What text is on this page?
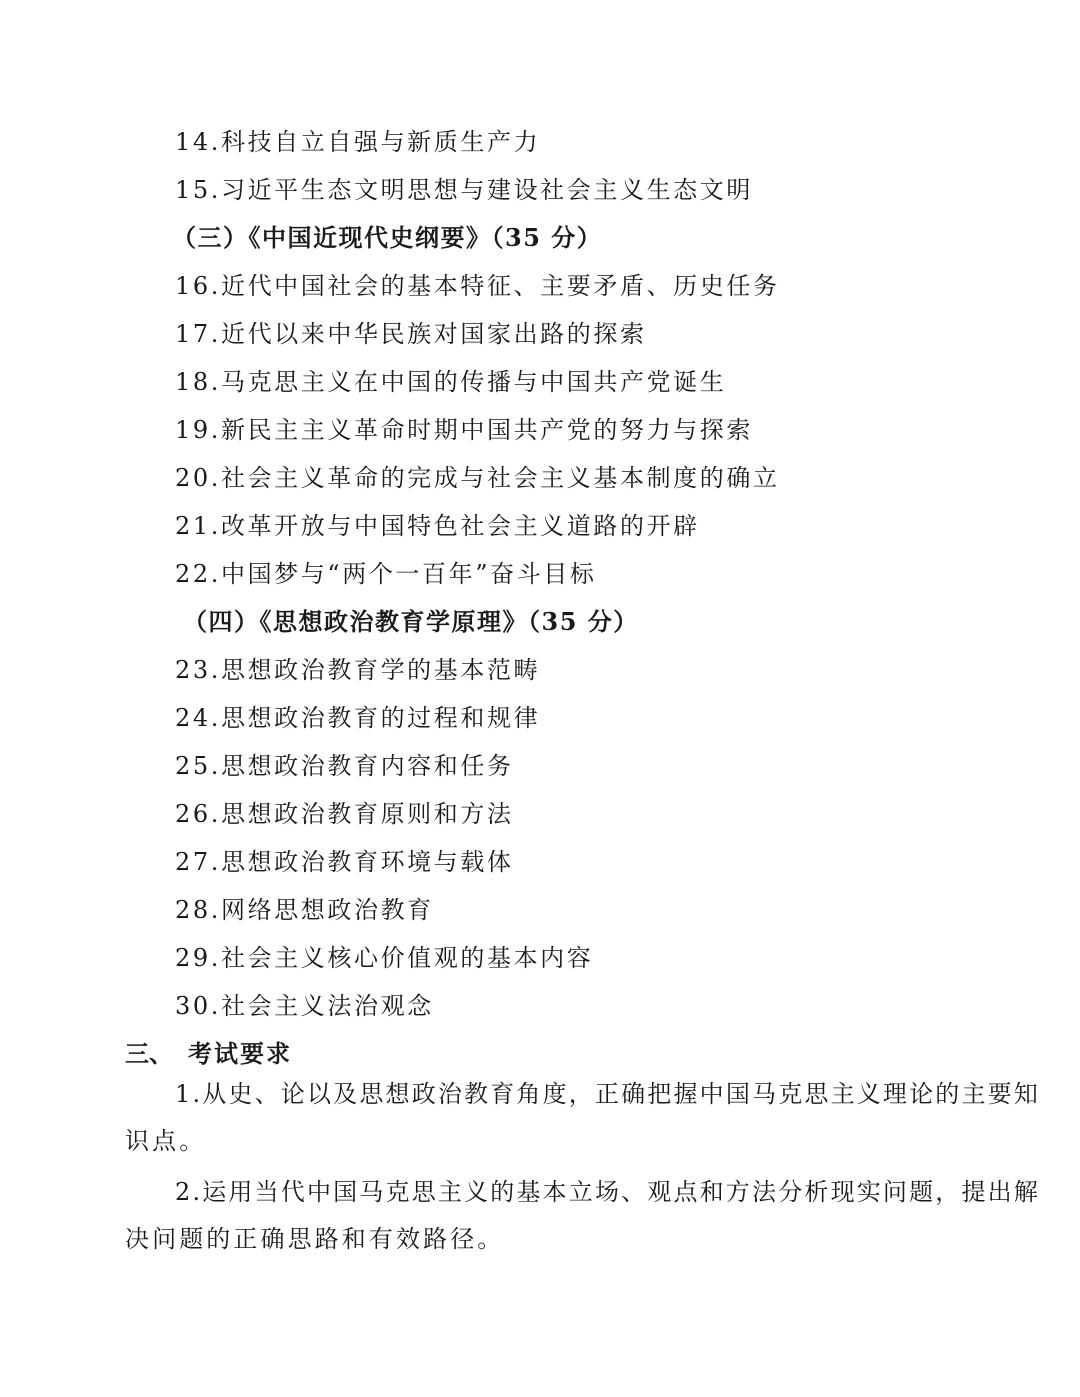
14.科技自立自强与新质生产力
15.习近平生态文明思想与建设社会主义生态文明
（三）《中国近现代史纲要》（35 分）
16.近代中国社会的基本特征、主要矛盾、历史任务
17.近代以来中华民族对国家出路的探索
18.马克思主义在中国的传播与中国共产党诞生
19.新民主主义革命时期中国共产党的努力与探索
20.社会主义革命的完成与社会主义基本制度的确立
21.改革开放与中国特色社会主义道路的开辟
22.中国梦与“两个一百年”奋斗目标
（四）《思想政治教育学原理》（35 分）
23.思想政治教育学的基本范畴
24.思想政治教育的过程和规律
25.思想政治教育内容和任务
26.思想政治教育原则和方法
27.思想政治教育环境与载体
28.网络思想政治教育
29.社会主义核心价值观的基本内容
30.社会主义法治观念
三、 考试要求
1.从史、论以及思想政治教育角度，正确把握中国马克思主义理论的主要知
识点。
2.运用当代中国马克思主义的基本立场、观点和方法分析现实问题，提出解
决问题的正确思路和有效路径。
